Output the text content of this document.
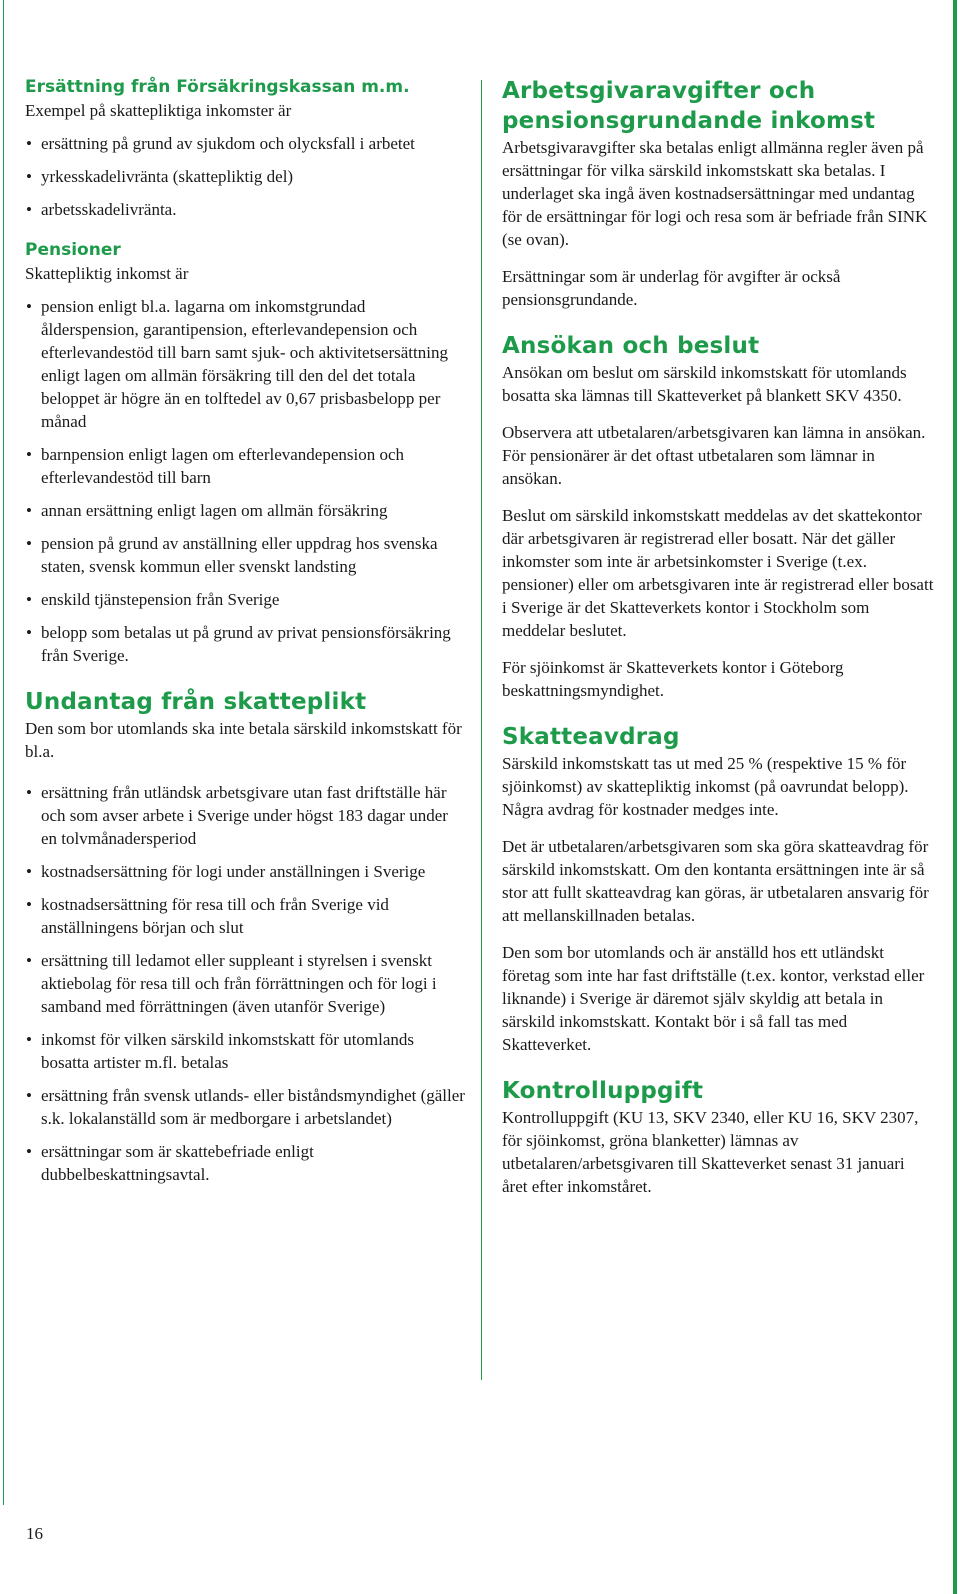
Ersättning från Försäkringskassan m.m.

Exempel på skattepliktiga inkomster är

• ersättning på grund av sjukdom och olycksfall i arbetet
• yrkesskadelivränta (skattepliktig del)
• arbetsskadelivränta.
Pensioner

Skattepliktig inkomst är

• pension enligt bl.a. lagarna om inkomstgrundad ålderspension, garantipension, efterlevandepension och efterlevandestöd till barn samt sjuk- och aktivitetsersättning enligt lagen om allmän försäkring till den del det totala beloppet är högre än en tolftedel av 0,67 prisbasbelopp per månad
• barnpension enligt lagen om efterlevandepension och efterlevandestöd till barn
• annan ersättning enligt lagen om allmän försäkring
• pension på grund av anställning eller uppdrag hos svenska staten, svensk kommun eller svenskt landsting
• enskild tjänstepension från Sverige
• belopp som betalas ut på grund av privat pensionsförsäkring från Sverige.
Undantag från skatteplikt

Den som bor utomlands ska inte betala särskild inkomstskatt för bl.a.

• ersättning från utländsk arbetsgivare utan fast driftställe här och som avser arbete i Sverige under högst 183 dagar under en tolvmånadersperiod
• kostnadsersättning för logi under anställningen i Sverige
• kostnadsersättning för resa till och från Sverige vid anställningens början och slut
• ersättning till ledamot eller suppleant i styrelsen i svenskt aktiebolag för resa till och från förrättningen och för logi i samband med förrättningen (även utanför Sverige)
• inkomst för vilken särskild inkomstskatt för utomlands bosatta artister m.fl. betalas
• ersättning från svensk utlands- eller biståndsmyndighet (gäller s.k. lokalanställd som är medborgare i arbetslandet)
• ersättningar som är skattebefriade enligt dubbelbeskattningsavtal.
Arbetsgivaravgifter och pensionsgrundande inkomst

Arbetsgivaravgifter ska betalas enligt allmänna regler även på ersättningar för vilka särskild inkomstskatt ska betalas. I underlaget ska ingå även kostnadsersättningar med undantag för de ersättningar för logi och resa som är befriade från SINK (se ovan).

Ersättningar som är underlag för avgifter är också pensionsgrundande.

Ansökan och beslut

Ansökan om beslut om särskild inkomstskatt för utomlands bosatta ska lämnas till Skatteverket på blankett SKV 4350.

Observera att utbetalaren/arbetsgivaren kan lämna in ansökan. För pensionärer är det oftast utbetalaren som lämnar in ansökan.

Beslut om särskild inkomstskatt meddelas av det skattekontor där arbetsgivaren är registrerad eller bosatt. När det gäller inkomster som inte är arbetsinkomster i Sverige (t.ex. pensioner) eller om arbetsgivaren inte är registrerad eller bosatt i Sverige är det Skatteverkets kontor i Stockholm som meddelar beslutet.

För sjöinkomst är Skatteverkets kontor i Göteborg beskattningsmyndighet.

Skatteavdrag

Särskild inkomstskatt tas ut med 25 % (respektive 15 % för sjöinkomst) av skattepliktig inkomst (på oavrundat belopp). Några avdrag för kostnader medges inte.

Det är utbetalaren/arbetsgivaren som ska göra skatteavdrag för särskild inkomstskatt. Om den kontanta ersättningen inte är så stor att fullt skatteavdrag kan göras, är utbetalaren ansvarig för att mellanskillnaden betalas.

Den som bor utomlands och är anställd hos ett utländskt företag som inte har fast driftställe (t.ex. kontor, verkstad eller liknande) i Sverige är däremot själv skyldig att betala in särskild inkomstskatt. Kontakt bör i så fall tas med Skatteverket.

Kontrolluppgift

Kontrolluppgift (KU 13, SKV 2340, eller KU 16, SKV 2307, för sjöinkomst, gröna blanketter) lämnas av utbetalaren/arbetsgivaren till Skatteverket senast 31 januari året efter inkomståret.

16
